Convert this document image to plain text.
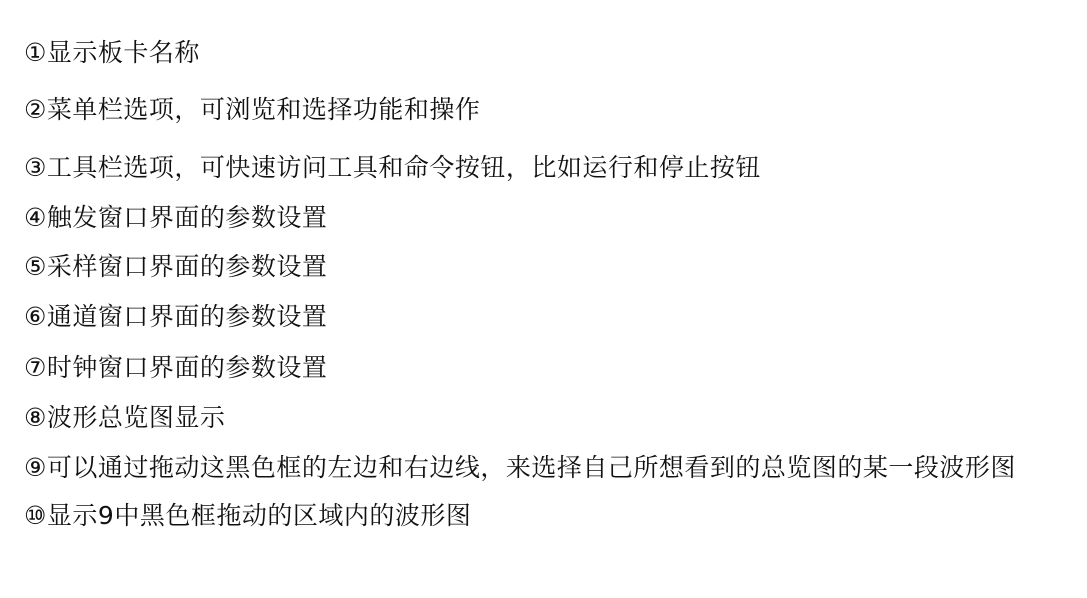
①显示板卡名称
②菜单栏选项，可浏览和选择功能和操作
③工具栏选项，可快速访问工具和命令按钮，比如运行和停止按钮
④触发窗口界面的参数设置
⑤采样窗口界面的参数设置
⑥通道窗口界面的参数设置
⑦时钟窗口界面的参数设置
⑧波形总览图显示
⑨可以通过拖动这黑色框的左边和右边线，来选择自己所想看到的总览图的某一段波形图
⑩显示9中黑色框拖动的区域内的波形图
